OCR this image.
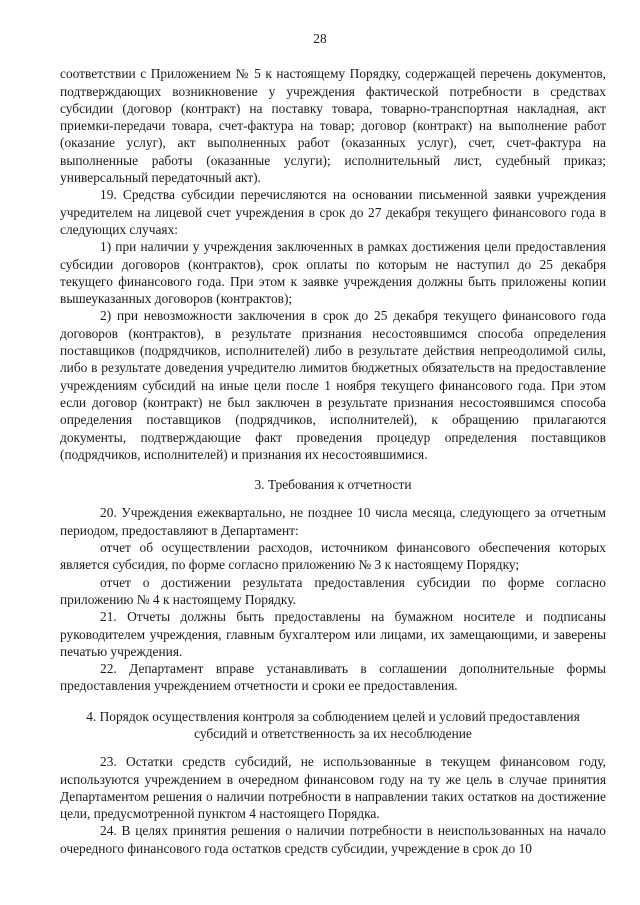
28

соответствии с Приложением № 5 к настоящему Порядку, содержащей перечень документов, подтверждающих возникновение у учреждения фактической потребности в средствах субсидии (договор (контракт) на поставку товара, товарно-транспортная накладная, акт приемки-передачи товара, счет-фактура на товар; договор (контракт) на выполнение работ (оказание услуг), акт выполненных работ (оказанных услуг), счет, счет-фактура на выполненные работы (оказанные услуги); исполнительный лист, судебный приказ; универсальный передаточный акт).

19. Средства субсидии перечисляются на основании письменной заявки учреждения учредителем на лицевой счет учреждения в срок до 27 декабря текущего финансового года в следующих случаях:

1) при наличии у учреждения заключенных в рамках достижения цели предоставления субсидии договоров (контрактов), срок оплаты по которым не наступил до 25 декабря текущего финансового года. При этом к заявке учреждения должны быть приложены копии вышеуказанных договоров (контрактов);

2) при невозможности заключения в срок до 25 декабря текущего финансового года договоров (контрактов), в результате признания несостоявшимся способа определения поставщиков (подрядчиков, исполнителей) либо в результате действия непреодолимой силы, либо в результате доведения учредителю лимитов бюджетных обязательств на предоставление учреждениям субсидий на иные цели после 1 ноября текущего финансового года. При этом если договор (контракт) не был заключен в результате признания несостоявшимся способа определения поставщиков (подрядчиков, исполнителей), к обращению прилагаются документы, подтверждающие факт проведения процедур определения поставщиков (подрядчиков, исполнителей) и признания их несостоявшимися.

3. Требования к отчетности

20. Учреждения ежеквартально, не позднее 10 числа месяца, следующего за отчетным периодом, предоставляют в Департамент:

отчет об осуществлении расходов, источником финансового обеспечения которых является субсидия, по форме согласно приложению № 3 к настоящему Порядку;

отчет о достижении результата предоставления субсидии по форме согласно приложению № 4 к настоящему Порядку.

21. Отчеты должны быть предоставлены на бумажном носителе и подписаны руководителем учреждения, главным бухгалтером или лицами, их замещающими, и заверены печатью учреждения.

22. Департамент вправе устанавливать в соглашении дополнительные формы предоставления учреждением отчетности и сроки ее предоставления.

4. Порядок осуществления контроля за соблюдением целей и условий предоставления

субсидий и ответственность за их несоблюдение

23. Остатки средств субсидий, не использованные в текущем финансовом году, используются учреждением в очередном финансовом году на ту же цель в случае принятия Департаментом решения о наличии потребности в направлении таких остатков на достижение цели, предусмотренной пунктом 4 настоящего Порядка.

24. В целях принятия решения о наличии потребности в неиспользованных на начало очередного финансового года остатков средств субсидии, учреждение в срок до 10
